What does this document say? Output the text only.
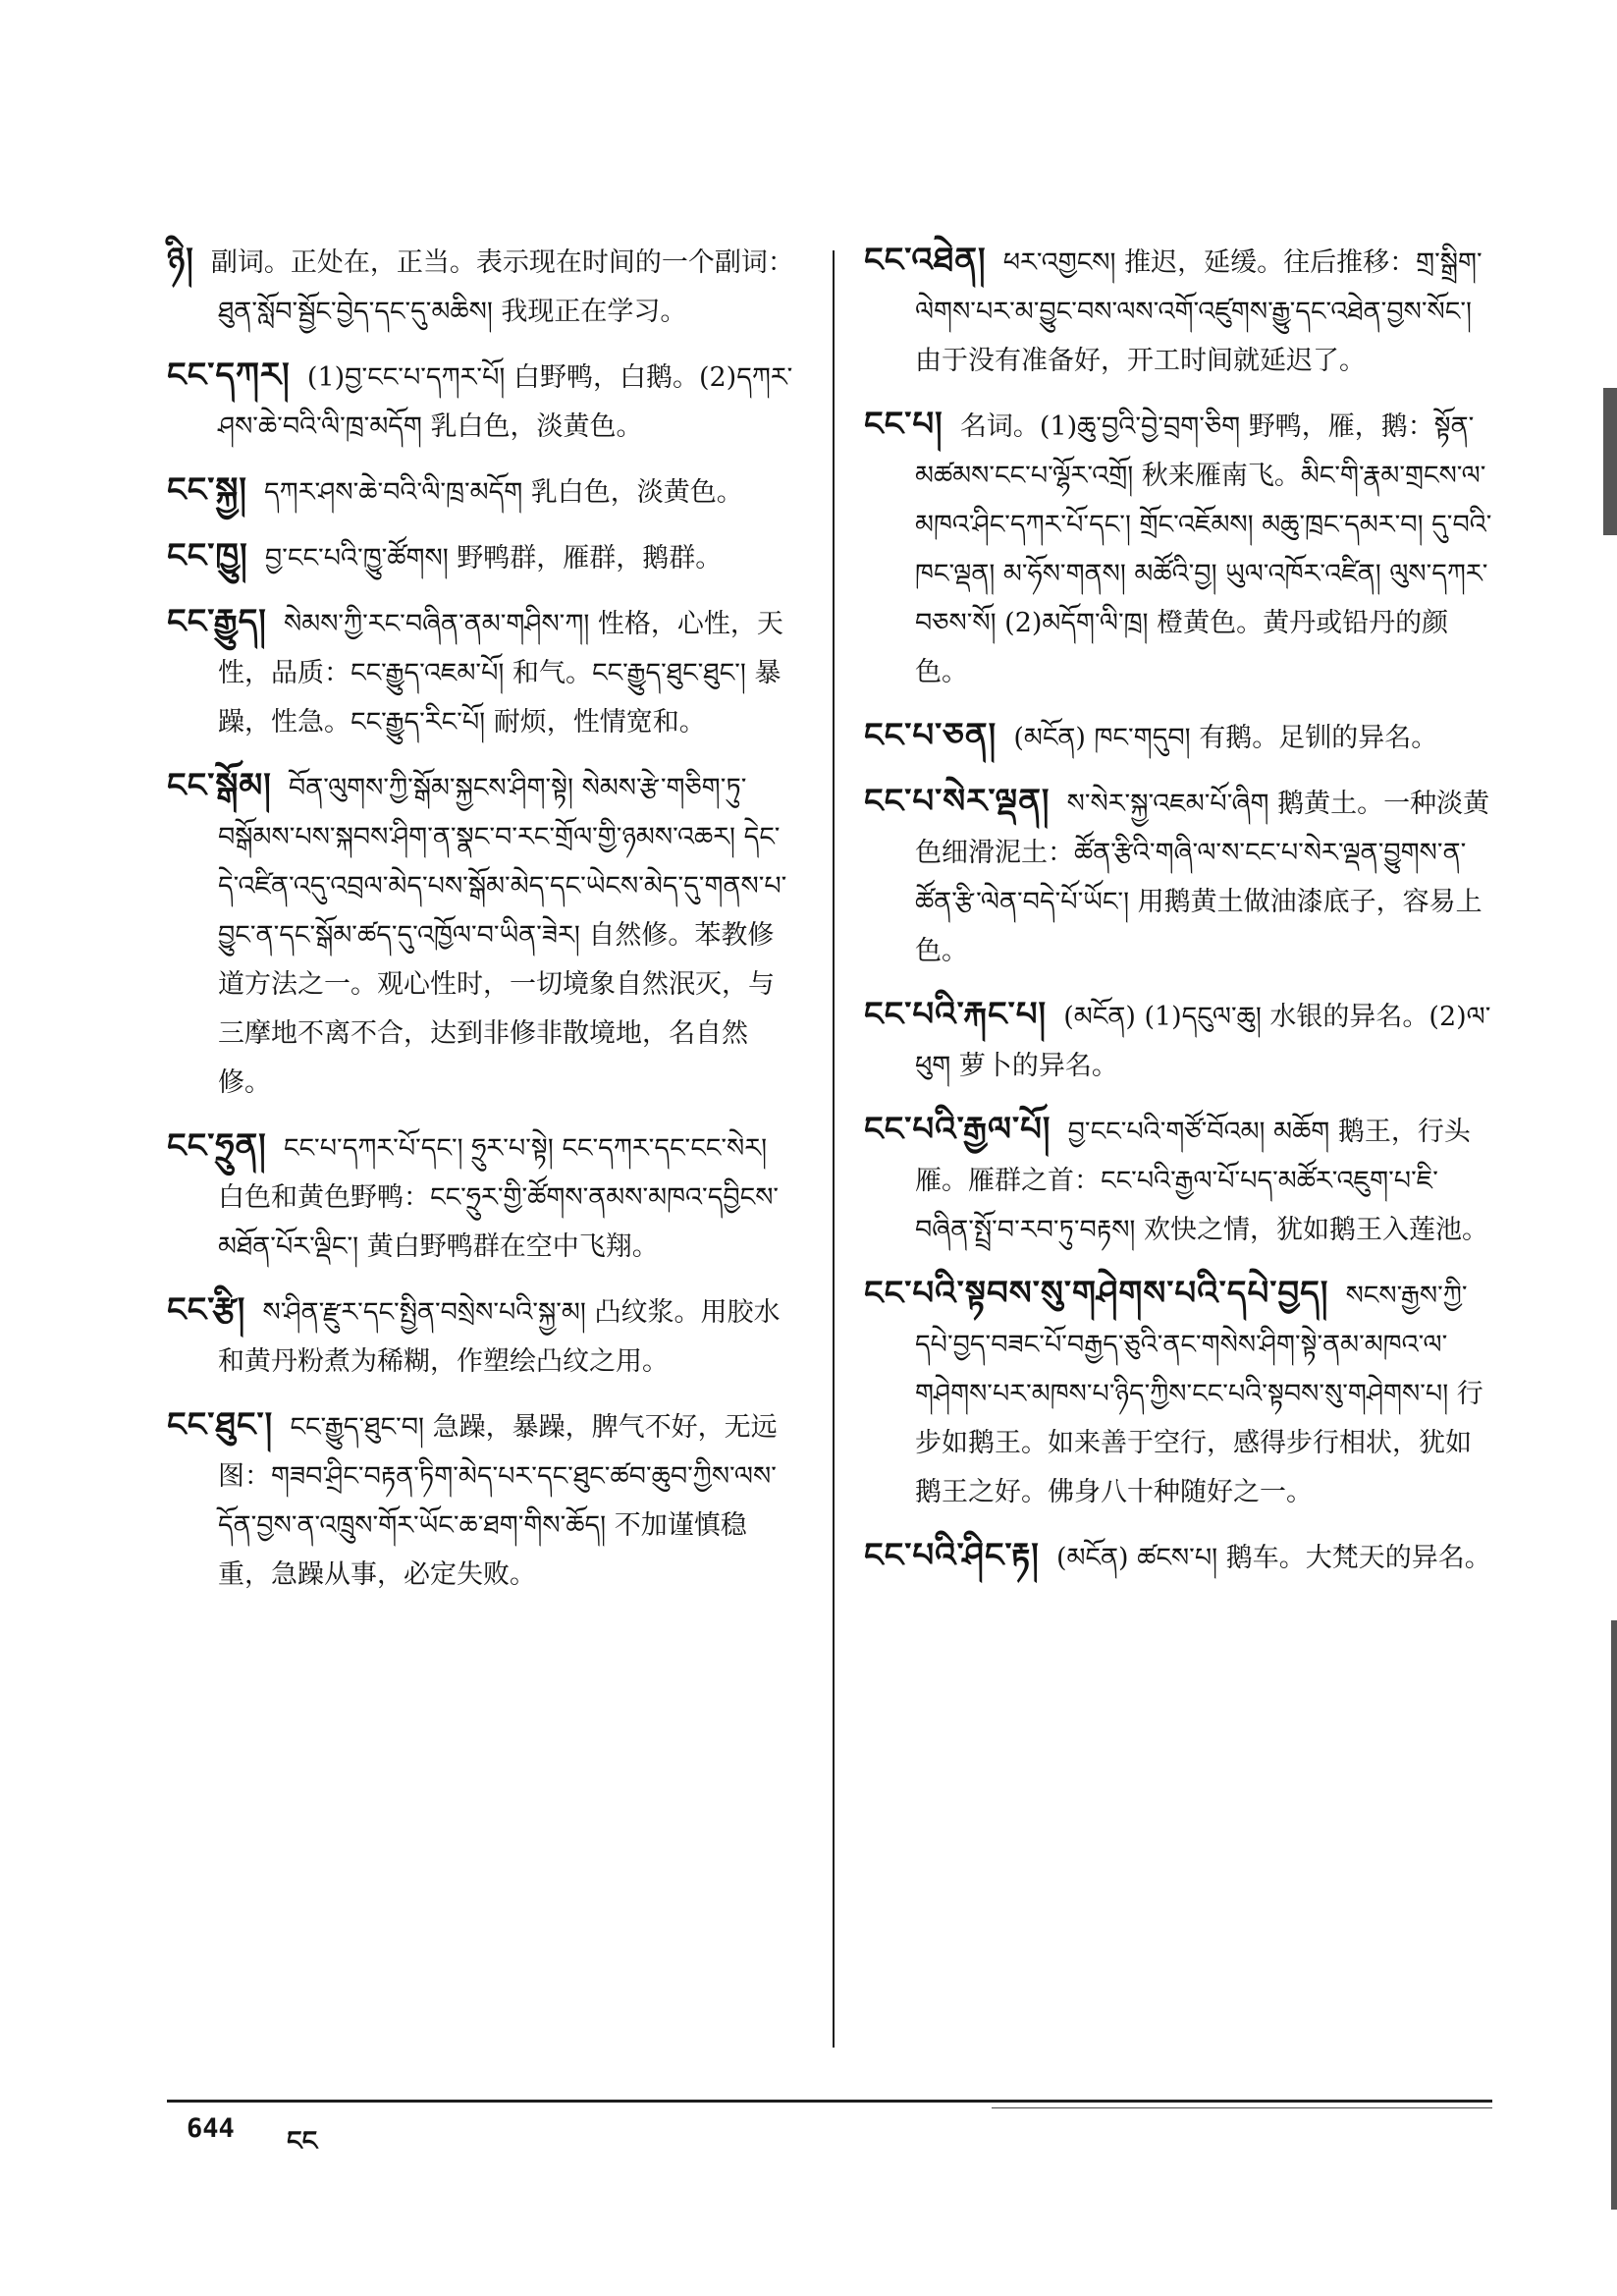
ཉི། 副词。正处在，正当。表示现在时间的一个副词：ཐུན་སློབ་སྦྱོང་བྱེད་དང་དུ་མཆིས། 我现正在学习。
ངང་དཀར། (1)བྱ་ངང་པ་དཀར་པོ། 白野鸭，白鹅。(2)དཀར་ཤས་ཆེ་བའི་ལི་ཁྲ་མདོག 乳白色，淡黄色。
ངང་སྐྱ། དཀར་ཤས་ཆེ་བའི་ལི་ཁྲ་མདོག 乳白色，淡黄色。
ངང་ཁྱུ། བྱ་ངང་པའི་ཁྱུ་ཚོགས། 野鸭群，雁群，鹅群。
ངང་རྒྱུད། སེམས་ཀྱི་རང་བཞིན་ནམ་གཤིས་ཀ། 性格，心性，天性，品质：ངང་རྒྱུད་འཇམ་པོ། 和气。ངང་རྒྱུད་ཐུང་ཐུང་། 暴躁，性急。ངང་རྒྱུད་རིང་པོ། 耐烦，性情宽和。
ངང་སྒོམ། བོན་ལུགས་ཀྱི་སྒོམ་སྐྱངས་ཤིག་སྟེ། སེམས་རྩེ་གཅིག་ཏུ་བསྒོམས་པས་སྐབས་ཤིག་ན་སྣང་བ་རང་གྲོལ་གྱི་ཉམས་འཆར། དེང་དེ་འཛིན་འདུ་འབྲལ་མེད་པས་སྒོམ་མེད་དང་ཡེངས་མེད་དུ་གནས་པ་བྱུང་ན་དང་སྒོམ་ཚད་དུ་འཁྱོལ་བ་ཡིན་ཟེར། 自然修。苯教修道方法之一。观心性时，一切境象自然泯灭，与三摩地不离不合，达到非修非散境地，名自然修。
ངང་ཧྲུན། ངང་པ་དཀར་པོ་དང་། ཧྲུར་པ་སྟེ། ངང་དཀར་དང་ངང་སེར། 白色和黄色野鸭：ངང་ཧྲུར་གྱི་ཚོགས་ནམས་མཁའ་དབྱིངས་མཐོན་པོར་ལྡིང་། 黄白野鸭群在空中飞翔。
ངང་རྩི། ས་ཤིན་རྫུར་དང་སྤྱིན་བསྲེས་པའི་སྐྱ་མ། 凸纹浆。用胶水和黄丹粉煮为稀糊，作塑绘凸纹之用。
ངང་ཐུང་། ངང་རྒྱུད་ཐུང་བ། 急躁，暴躁，脾气不好，无远图：གཟབ་ཤྲིང་བརྟན་ཏིག་མེད་པར་དང་ཐུང་ཚབ་ཆུབ་ཀྱིས་ལས་དོན་བྱས་ན་འཁྲུས་གོར་ཡོང་ཆ་ཐག་གིས་ཆོད། 不加谨慎稳重，急躁从事，必定失败。
ངང་འཐེན། ཕར་འགྱངས། 推迟，延缓。往后推移：གྲ་སྒྲིག་ལེགས་པར་མ་བྱུང་བས་ལས་འགོ་འཛུགས་རྒྱུ་དང་འཐེན་བྱས་སོང་། 由于没有准备好，开工时间就延迟了。
ངང་པ། 名词。(1)ཆུ་བྱའི་བྱེ་བྲག་ཅིག 野鸭，雁，鹅：སྟོན་མཚམས་ངང་པ་ལྷོར་འགྲོ། 秋来雁南飞。མིང་གི་རྣམ་གྲངས་ལ་མཁའ་ཤིང་དཀར་པོ་དང་། གྲོང་འཇོམས། མཆུ་ཁྲང་དམར་བ། དུ་བའི་ཁང་ལྡན། མ་ཧོས་གནས། མཚོའི་བྱ། ཡུལ་འཁོར་འཛིན། ལུས་དཀར་བཅས་སོ། (2)མདོག་ལི་ཁྲ། 橙黄色。黄丹或铅丹的颜色。
ངང་པ་ཅན། (མངོན) ཁང་གདུབ། 有鹅。足钏的异名。
ངང་པ་སེར་ལྡན། ས་སེར་སྐྱ་འཇམ་པོ་ཞིག 鹅黄土。一种淡黄色细滑泥土：ཚོན་རྩིའི་གཞི་ལ་ས་ངང་པ་སེར་ལྡན་བྱུགས་ན་ཚོན་རྩི་ལེན་བདེ་པོ་ཡོང་། 用鹅黄土做油漆底子，容易上色。
ངང་པའི་རྐང་པ། (མངོན) (1)དངུལ་ཆུ། 水银的异名。(2)ལ་ཕུག 萝卜的异名。
ངང་པའི་རྒྱལ་པོ། བྱ་ངང་པའི་གཙོ་བོའམ། མཆོག 鹅王，行头雁。雁群之首：ངང་པའི་རྒྱལ་པོ་པད་མཚོར་འཇུག་པ་ཇི་བཞིན་སྤྲོ་བ་རབ་ཏུ་བརྟས། 欢快之情，犹如鹅王入莲池。
ངང་པའི་སྟབས་སུ་གཤེགས་པའི་དཔེ་བྱད། སངས་རྒྱས་ཀྱི་དཔེ་བྱད་བཟང་པོ་བརྒྱད་ཅུའི་ནང་གསེས་ཤིག་སྟེ་ནམ་མཁའ་ལ་གཤེགས་པར་མཁས་པ་ཉིད་ཀྱིས་ངང་པའི་སྟབས་སུ་གཤེགས་པ། 行步如鹅王。如来善于空行，感得步行相状，犹如鹅王之好。佛身八十种随好之一。
ངང་པའི་ཤིང་རྟ། (མངོན) ཚངས་པ། 鹅车。大梵天的异名。
644 ངང
